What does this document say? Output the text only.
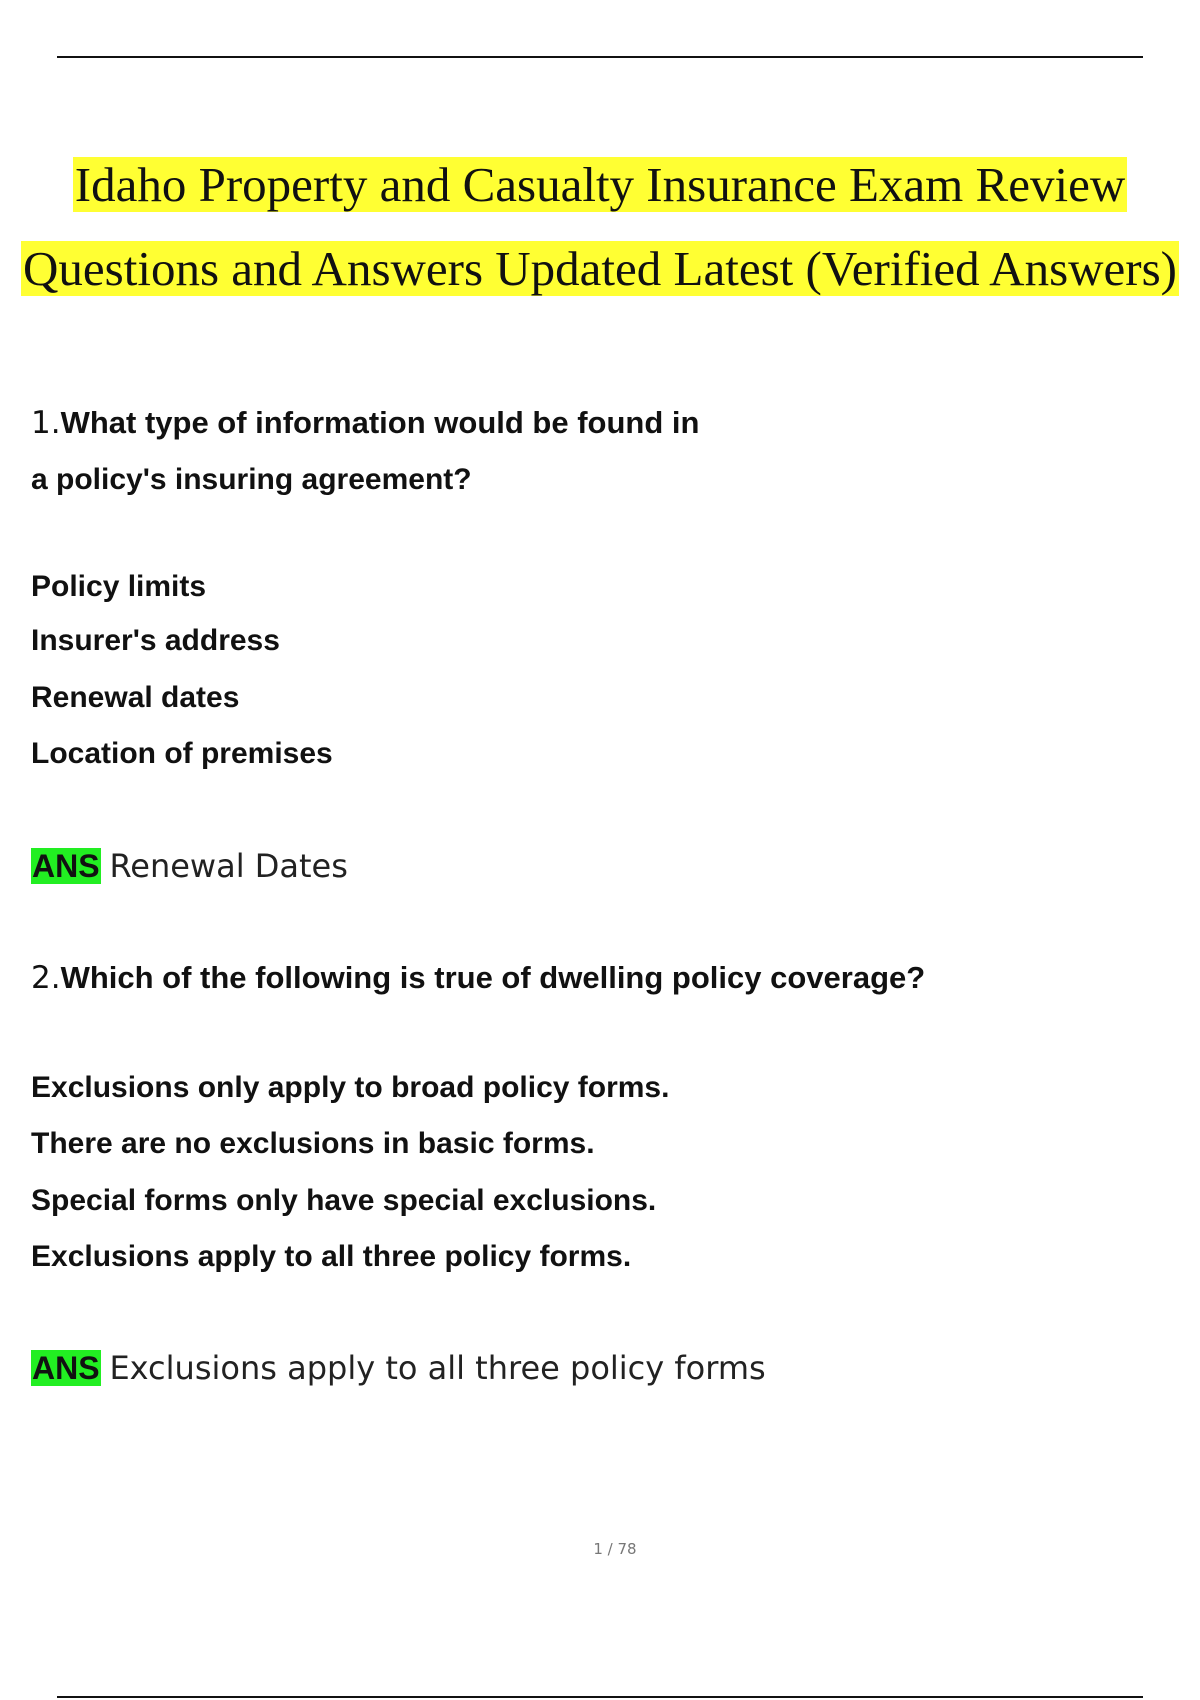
Idaho Property and Casualty Insurance Exam Review
Questions and Answers Updated Latest (Verified Answers)
1.What type of information would be found in
a policy's insuring agreement?
Policy limits
Insurer's address
Renewal dates
Location of premises
ANS Renewal Dates
2.Which of the following is true of dwelling policy coverage?
Exclusions only apply to broad policy forms.
There are no exclusions in basic forms.
Special forms only have special exclusions.
Exclusions apply to all three policy forms.
ANS Exclusions apply to all three policy forms
1 / 78
